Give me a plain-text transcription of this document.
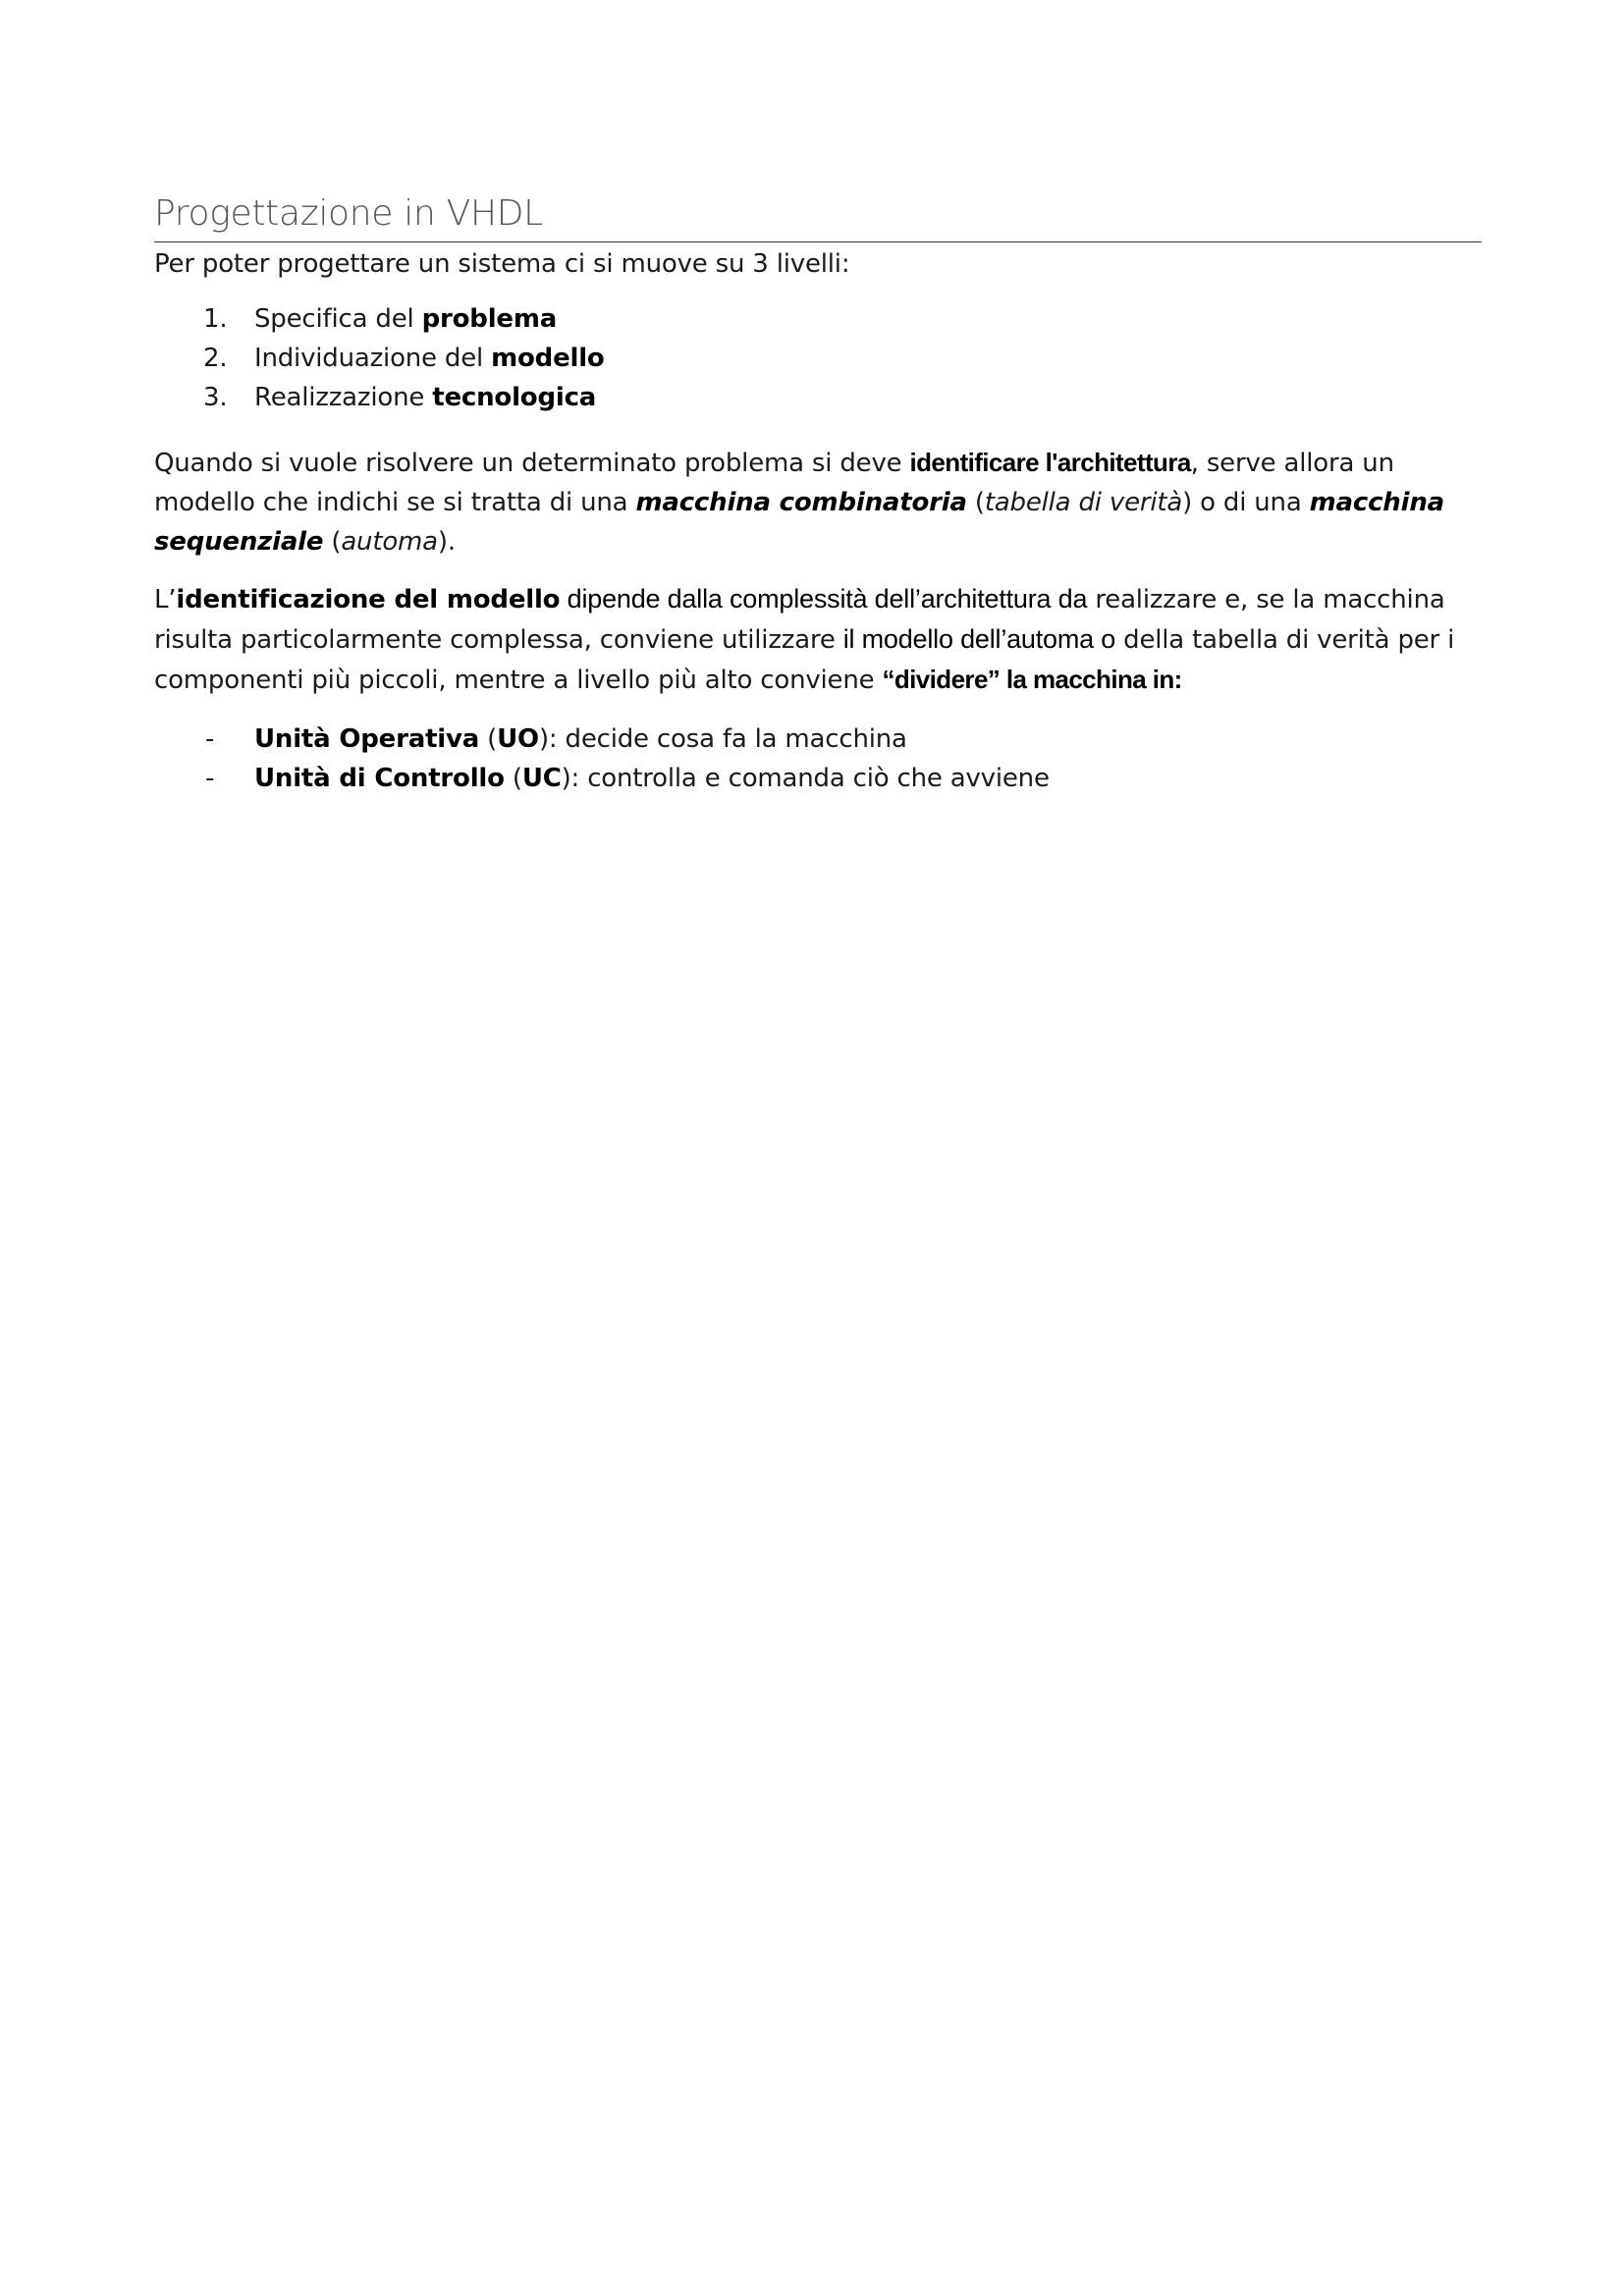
Progettazione in VHDL

Per poter progettare un sistema ci si muove su 3 livelli:

1. Specifica del problema
2. Individuazione del modello
3. Realizzazione tecnologica

Quando si vuole risolvere un determinato problema si deve identificare l'architettura, serve allora un modello che indichi se si tratta di una macchina combinatoria (tabella di verità) o di una macchina sequenziale (automa).

L’identificazione del modello dipende dalla complessità dell’architettura da realizzare e, se la macchina risulta particolarmente complessa, conviene utilizzare il modello dell’automa o della tabella di verità per i componenti più piccoli, mentre a livello più alto conviene “dividere” la macchina in:

- Unità Operativa (UO): decide cosa fa la macchina
- Unità di Controllo (UC): controlla e comanda ciò che avviene
